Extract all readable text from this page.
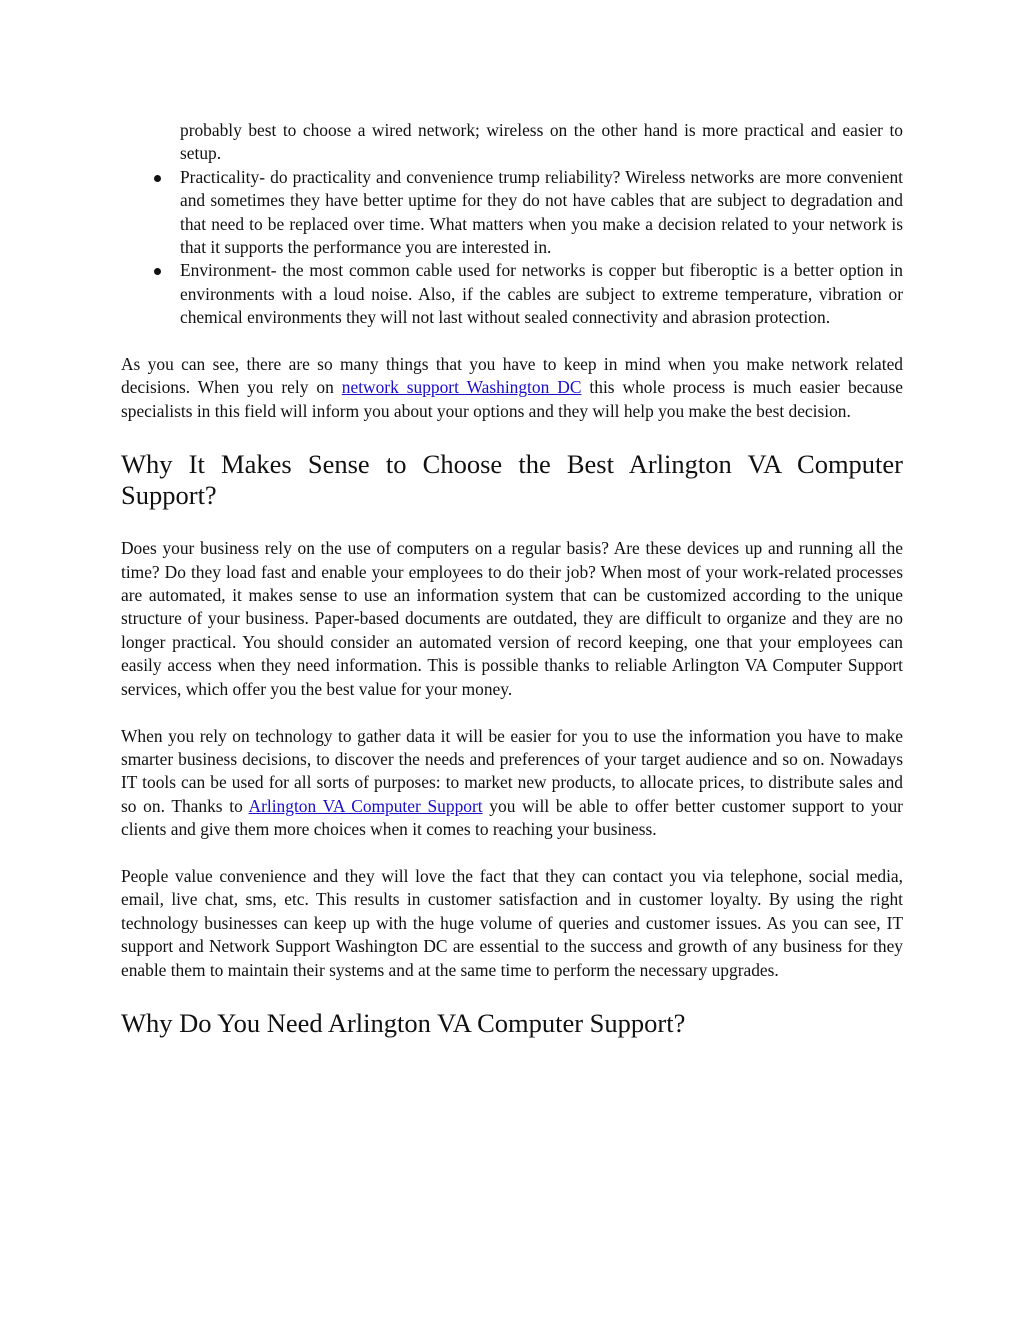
probably best to choose a wired network; wireless on the other hand is more practical and easier to setup.

Practicality- do practicality and convenience trump reliability? Wireless networks are more convenient and sometimes they have better uptime for they do not have cables that are subject to degradation and that need to be replaced over time. What matters when you make a decision related to your network is that it supports the performance you are interested in.
Environment- the most common cable used for networks is copper but fiberoptic is a better option in environments with a loud noise. Also, if the cables are subject to extreme temperature, vibration or chemical environments they will not last without sealed connectivity and abrasion protection.

As you can see, there are so many things that you have to keep in mind when you make network related decisions. When you rely on network support Washington DC this whole process is much easier because specialists in this field will inform you about your options and they will help you make the best decision.

Why It Makes Sense to Choose the Best Arlington VA Computer Support?

Does your business rely on the use of computers on a regular basis? Are these devices up and running all the time? Do they load fast and enable your employees to do their job? When most of your work-related processes are automated, it makes sense to use an information system that can be customized according to the unique structure of your business. Paper-based documents are outdated, they are difficult to organize and they are no longer practical. You should consider an automated version of record keeping, one that your employees can easily access when they need information. This is possible thanks to reliable Arlington VA Computer Support services, which offer you the best value for your money.

When you rely on technology to gather data it will be easier for you to use the information you have to make smarter business decisions, to discover the needs and preferences of your target audience and so on. Nowadays IT tools can be used for all sorts of purposes: to market new products, to allocate prices, to distribute sales and so on. Thanks to Arlington VA Computer Support you will be able to offer better customer support to your clients and give them more choices when it comes to reaching your business.

People value convenience and they will love the fact that they can contact you via telephone, social media, email, live chat, sms, etc. This results in customer satisfaction and in customer loyalty. By using the right technology businesses can keep up with the huge volume of queries and customer issues. As you can see, IT support and Network Support Washington DC are essential to the success and growth of any business for they enable them to maintain their systems and at the same time to perform the necessary upgrades.

Why Do You Need Arlington VA Computer Support?
